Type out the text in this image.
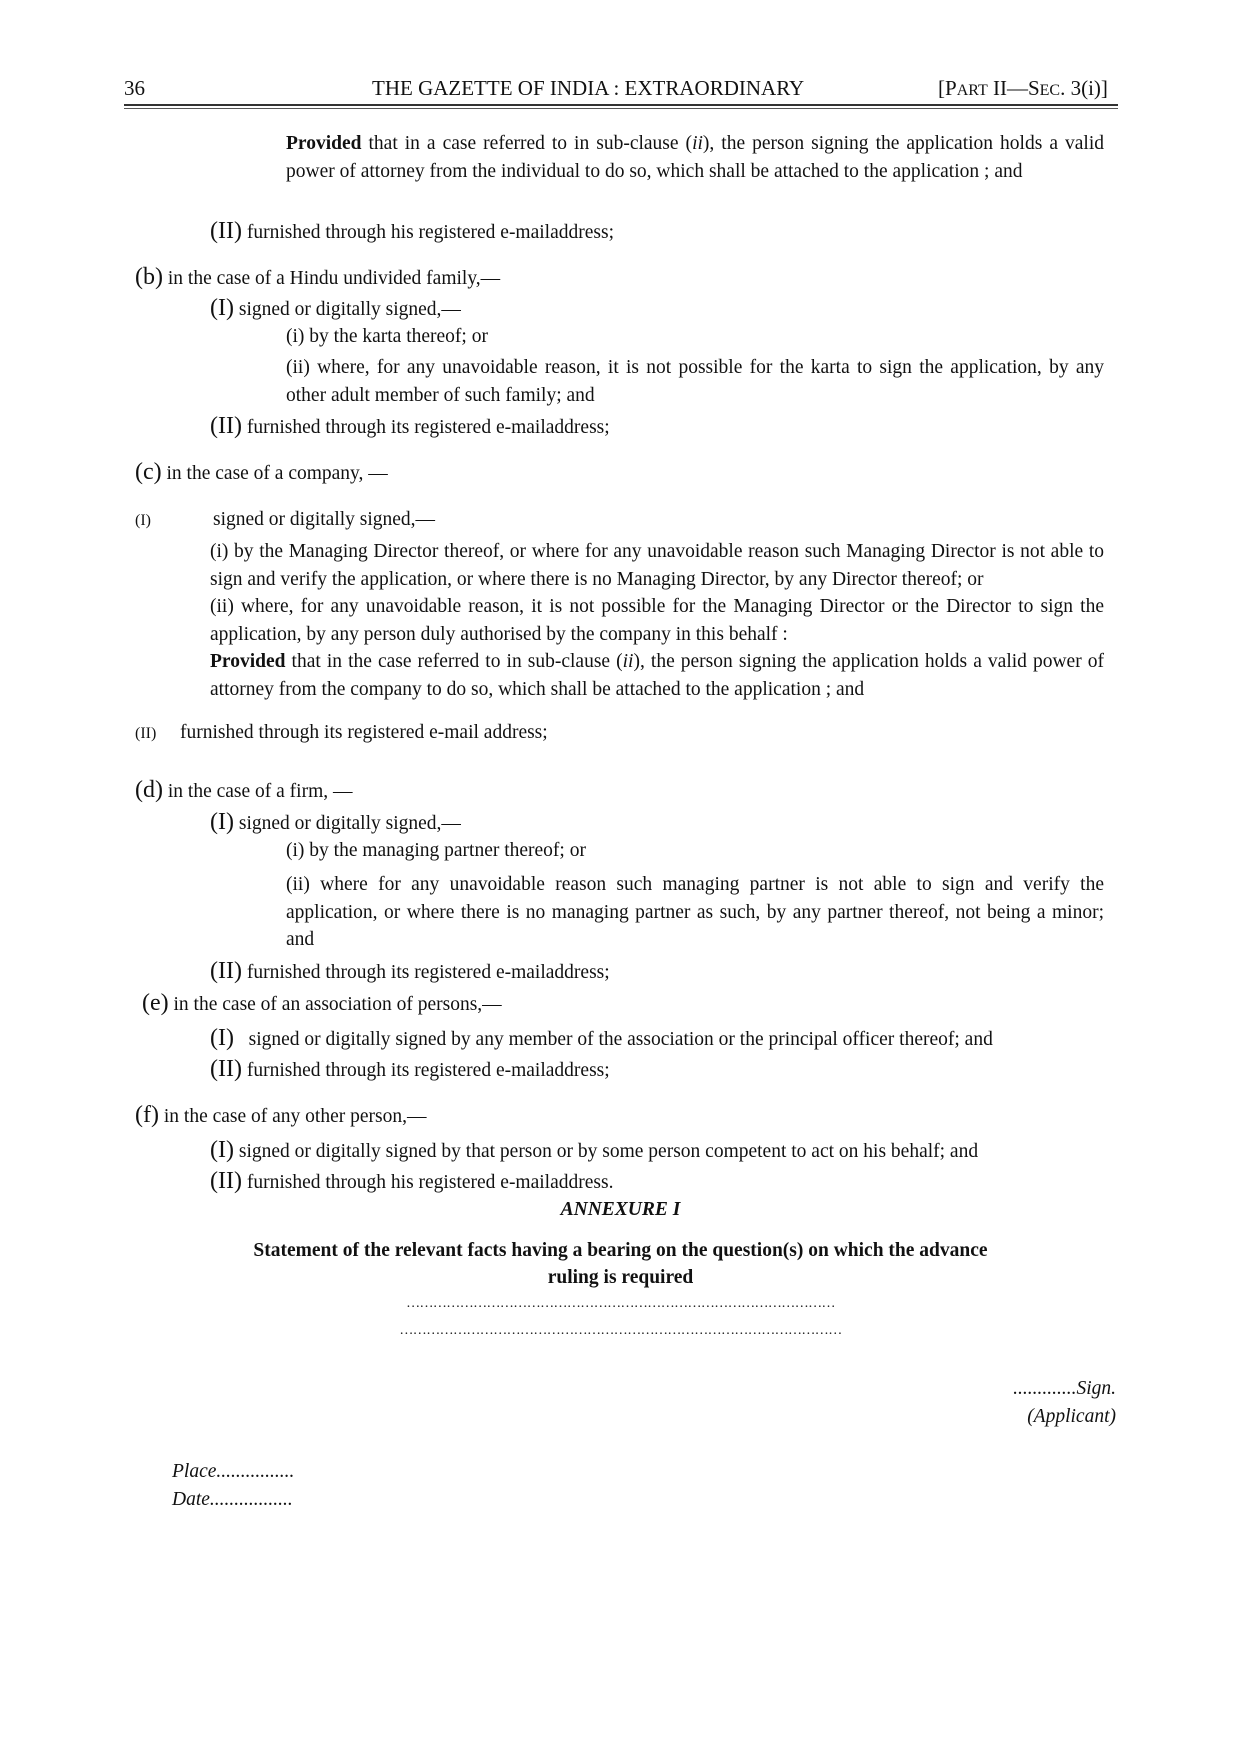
36	THE GAZETTE OF INDIA : EXTRAORDINARY	[PART II—SEC. 3(i)]
Provided that in a case referred to in sub-clause (ii), the person signing the application holds a valid power of attorney from the individual to do so, which shall be attached to the application ; and
(II) furnished through his registered e-mailaddress;
(b) in the case of a Hindu undivided family,—
(I) signed or digitally signed,—
(i) by the karta thereof; or
(ii) where, for any unavoidable reason, it is not possible for the karta to sign the application, by any other adult member of such family; and
(II) furnished through its registered e-mailaddress;
(c) in the case of a company, —
(I)	signed or digitally signed,—
(i) by the Managing Director thereof, or where for any unavoidable reason such Managing Director is not able to sign and verify the application, or where there is no Managing Director, by any Director thereof; or
(ii) where, for any unavoidable reason, it is not possible for the Managing Director or the Director to sign the application, by any person duly authorised by the company in this behalf :
Provided that in the case referred to in sub-clause (ii), the person signing the application holds a valid power of attorney from the company to do so, which shall be attached to the application ; and
(II) furnished through its registered e-mail address;
(d) in the case of a firm, —
(I) signed or digitally signed,—
(i) by the managing partner thereof; or
(ii) where for any unavoidable reason such managing partner is not able to sign and verify the application, or where there is no managing partner as such, by any partner thereof, not being a minor; and
(II) furnished through its registered e-mailaddress;
(e) in the case of an association of persons,—
(I)   signed or digitally signed by any member of the association or the principal officer thereof; and
(II) furnished through its registered e-mailaddress;
(f) in the case of any other person,—
(I) signed or digitally signed by that person or by some person competent to act on his behalf; and
(II) furnished through his registered e-mailaddress.
ANNEXURE I
Statement of the relevant facts having a bearing on the question(s) on which the advance
ruling is required
……………………………………………………………………………………
………………………………………………………………………………………
.............Sign.
(Applicant)
Place................
Date.................
